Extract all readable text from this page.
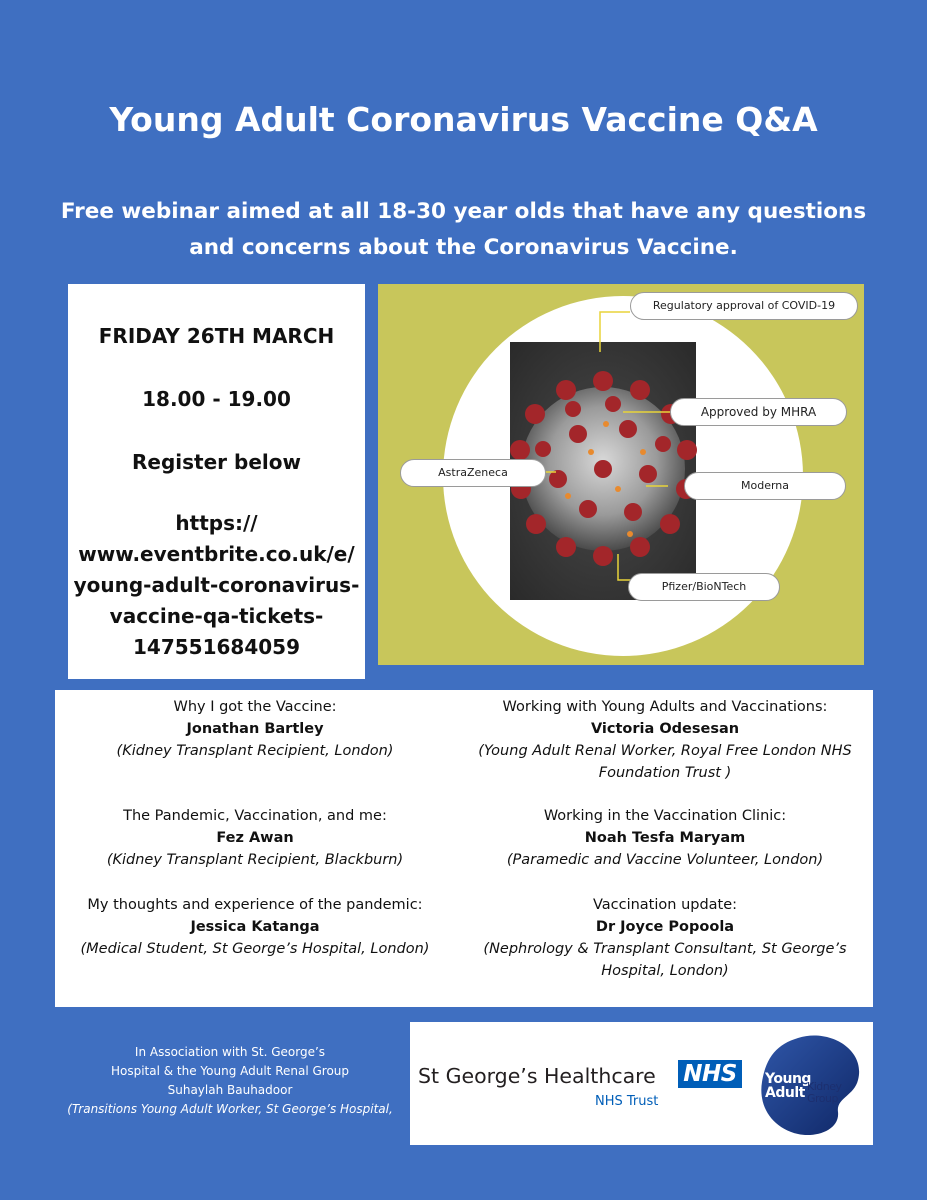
Young Adult Coronavirus Vaccine Q&A
Free webinar aimed at all 18-30 year olds that have any questions and concerns about the Coronavirus Vaccine.
FRIDAY 26TH MARCH
18.00 - 19.00
Register below
https://
www.eventbrite.co.uk/e/
young-adult-coronavirus-
vaccine-qa-tickets-
147551684059
Regulatory approval of COVID-19
Approved by MHRA
AstraZeneca
Moderna
Pfizer/BioNTech
Why I got the Vaccine:
Jonathan Bartley
(Kidney Transplant Recipient, London)
Working with Young Adults and Vaccinations:
Victoria Odesesan
(Young Adult Renal Worker, Royal Free London NHS Foundation Trust )
The Pandemic, Vaccination, and me:
Fez Awan
(Kidney Transplant Recipient, Blackburn)
Working in the Vaccination Clinic:
Noah Tesfa Maryam
(Paramedic and Vaccine Volunteer, London)
My thoughts and experience of the pandemic:
Jessica Katanga
(Medical Student, St George’s Hospital, London)
Vaccination update:
Dr Joyce Popoola
(Nephrology & Transplant Consultant, St George’s Hospital, London)
In Association with St. George’s
Hospital & the Young Adult Renal Group
Suhaylah Bauhadoor
(Transitions Young Adult Worker, St George’s Hospital,
St George’s Healthcare NHS
NHS Trust
Young
Adult Kidney
Group
